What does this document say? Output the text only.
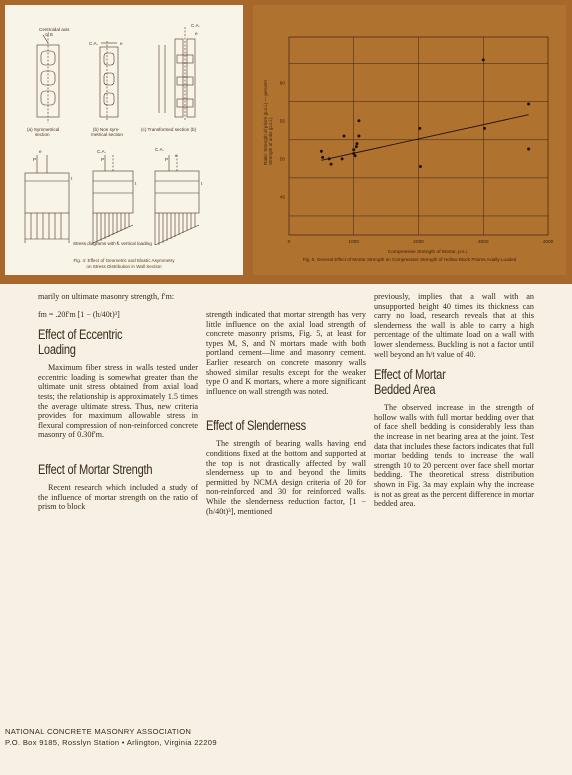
Centroidal axis
of E
C.A.	e
C.A.
e
t
t	t
P
e	C.A.
P
C.A.
P
e
(a) Symmetrical
section
(b) Non sym-
metrical section
(c) Transformed section (b)
Stress diagrams with ℄ vertical loading
Fig. 4: Effect of Geometric and Elastic Asymmetry
on Stress Distribution in Wall Section
0	1000	2000	3000	4000
45
50
55
60
Ratio: Strength of prism (p.s.i.) — percent Strength of units (p.s.i.)
Compressive Strength of Mortar, p.s.i.
Fig. 5. General Effect of Mortar Strength on Compressive Strength of Hollow Block Prisms Axially Loaded

marily on ultimate masonry strength, f'm:

fm = .20f'm [1 − (h/40t)³]
Effect of Eccentric
Loading

Maximum fiber stress in walls tested under eccentric loading is somewhat greater than the ultimate unit stress obtained from axial load tests; the relationship is approximately 1.5 times the average ultimate stress. Thus, new criteria provides for maximum allowable stress in flexural compression of non-reinforced concrete masonry of 0.30f'm.

Effect of Mortar Strength

Recent research which included a study of the influence of mortar strength on the ratio of prism to block

strength indicated that mortar strength has very little influence on the axial load strength of concrete masonry prisms, Fig. 5, at least for types M, S, and N mortars made with both portland cement—lime and masonry cement. Earlier research on concrete masonry walls showed similar results except for the weaker type O and K mortars, where a more significant influence on wall strength was noted.

Effect of Slenderness

The strength of bearing walls having end conditions fixed at the bottom and supported at the top is not drastically affected by wall slenderness up to and beyond the limits permitted by NCMA design criteria of 20 for non-reinforced and 30 for reinforced walls. While the slenderness reduction factor, [1 − (h/40t)³], mentioned

previously, implies that a wall with an unsupported height 40 times its thickness can carry no load, research reveals that at this slenderness the wall is able to carry a high percentage of the ultimate load on a wall with lower slenderness. Buckling is not a factor until well beyond an h/t value of 40.

Effect of Mortar
Bedded Area

The observed increase in the strength of hollow walls with full mortar bedding over that of face shell bedding is considerably less than the increase in net bearing area at the joint. Test data that includes these factors indicates that full mortar bedding tends to increase the wall strength 10 to 20 percent over face shell mortar bedding. The theoretical stress distribution shown in Fig. 3a may explain why the increase is not as great as the percent difference in mortar bedded area.

NATIONAL CONCRETE MASONRY ASSOCIATION
P.O. Box 9185, Rosslyn Station • Arlington, Virginia 22209
